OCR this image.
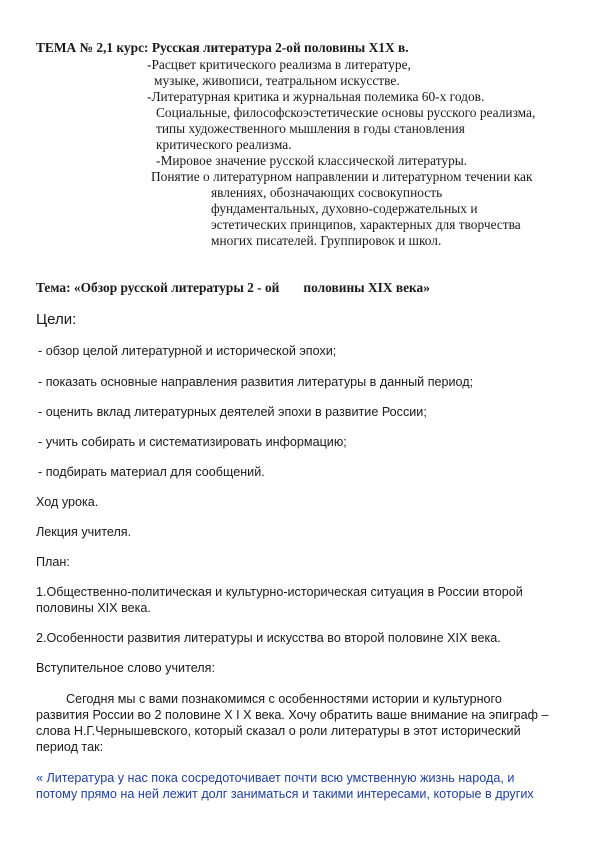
ТЕМА № 2,1 курс: Русская литература 2-ой половины Х1Х в.
-Расцвет критического реализма в литературе,
музыке, живописи, театральном искусстве.
-Литературная критика и журнальная полемика 60-х годов.
Социальные, философскоэстетические основы русского реализма,
типы художественного мышления в годы становления
критического реализма.
-Мировое значение русской классической литературы.
Понятие о литературном направлении и литературном течении как
явлениях, обозначающих сосвокупность
фундаментальных, духовно-содержательных и
эстетических принципов, характерных для творчества
многих писателей. Группировок и школ.
Тема: «Обзор русской литературы 2 - ой половины ХIХ века»
Цели:
- обзор целой литературной и исторической эпохи;
- показать основные направления развития литературы в данный период;
- оценить вклад литературных деятелей эпохи в развитие России;
- учить собирать и систематизировать информацию;
- подбирать материал для сообщений.
Ход урока.
Лекция учителя.
План:
1.Общественно-политическая и культурно-историческая ситуация в России второй
половины XIX века.
2.Особенности развития литературы и искусства во второй половине XIX века.
Вступительное слово учителя:
Сегодня мы с вами познакомимся с особенностями истории и культурного
развития России во 2 половине Х I Х века. Хочу обратить ваше внимание на эпиграф –
слова Н.Г.Чернышевского, который сказал о роли литературы в этот исторический
период так:
« Литература у нас пока сосредоточивает почти всю умственную жизнь народа, и
потому прямо на ней лежит долг заниматься и такими интересами, которые в других
